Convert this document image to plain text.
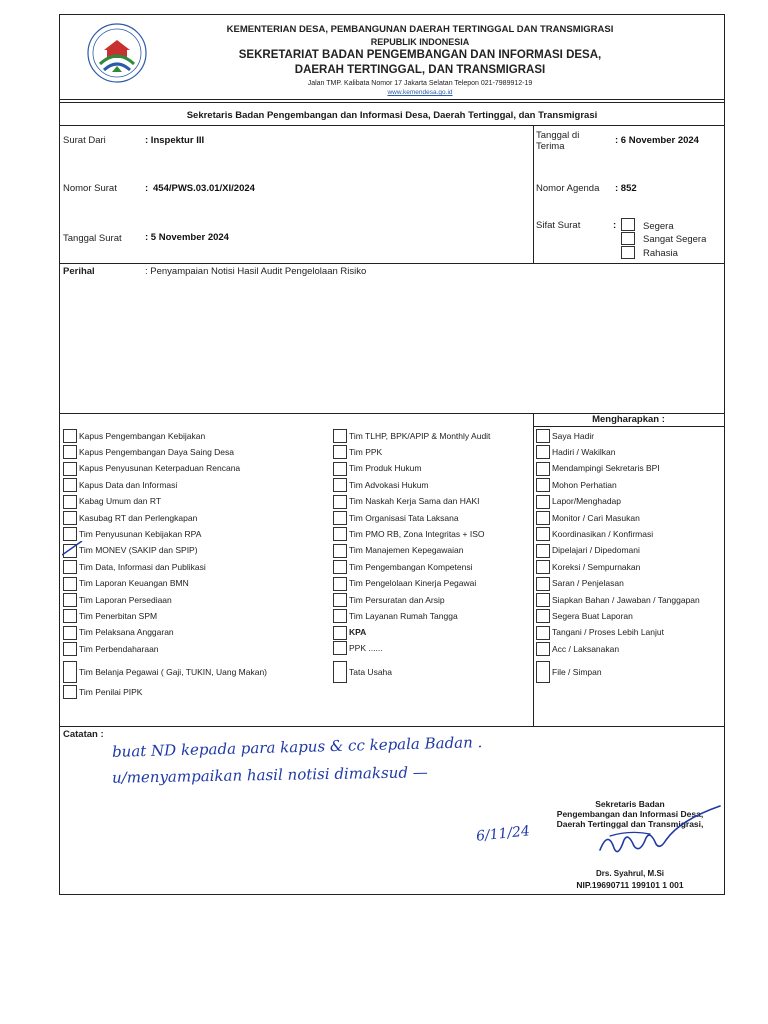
KEMENTERIAN DESA, PEMBANGUNAN DAERAH TERTINGGAL DAN TRANSMIGRASI
REPUBLIK INDONESIA
SEKRETARIAT BADAN PENGEMBANGAN DAN INFORMASI DESA,
DAERAH TERTINGGAL, DAN TRANSMIGRASI
Jalan TMP. Kalibata Nomor 17 Jakarta Selatan Telepon 021-7989912-19
www.kemendesa.go.id
Sekretaris Badan Pengembangan dan Informasi Desa, Daerah Tertinggal, dan Transmigrasi
Surat Dari	: Inspektur III
Nomor Surat	: 454/PWS.03.01/XI/2024
Tanggal Surat : 5 November 2024
Tanggal di
Terima
: 6 November 2024
Nomor Agenda : 852
Sifat Surat	:	Segera
Sangat Segera
Rahasia
Perihal	: Penyampaian Notisi Hasil Audit Pengelolaan Risiko
Mengharapkan :
Kapus Pengembangan Kebijakan
Kapus Pengembangan Daya Saing Desa
Kapus Penyusunan Keterpaduan Rencana
Kapus Data dan Informasi
Kabag Umum dan RT
Kasubag RT dan Perlengkapan
Tim Penyusunan Kebijakan RPA
Tim MONEV (SAKIP dan SPIP)
Tim Data, Informasi dan Publikasi
Tim Laporan Keuangan BMN
Tim Laporan Persediaan
Tim Penerbitan SPM
Tim Pelaksana Anggaran
Tim Perbendaharaan
Tim Belanja Pegawai ( Gaji, TUKIN, Uang Makan)
Tim Penilai PIPK
Tim TLHP, BPK/APIP & Monthly Audit
Tim PPK
Tim Produk Hukum
Tim Advokasi Hukum
Tim Naskah Kerja Sama dan HAKI
Tim Organisasi Tata Laksana
Tim PMO RB, Zona Integritas + ISO
Tim Manajemen Kepegawaian
Tim Pengembangan Kompetensi
Tim Pengelolaan Kinerja Pegawai
Tim Persuratan dan Arsip
Tim Layanan Rumah Tangga
KPA
PPK ......
Tata Usaha
Saya Hadir
Hadiri / Wakilkan
Mendampingi Sekretaris BPI
Mohon Perhatian
Lapor/Menghadap
Monitor / Cari Masukan
Koordinasikan / Konfirmasi
Dipelajari / Dipedomani
Koreksi / Sempurnakan
Saran / Penjelasan
Siapkan Bahan / Jawaban / Tanggapan
Segera Buat Laporan
Tangani / Proses Lebih Lanjut
Acc / Laksanakan
File / Simpan
Catatan : buat ND kepada para kapus & cc kepala Badan .
u/menyampaikan hasil notisi dimaksud —
6/11/24
Sekretaris Badan
Pengembangan dan Informasi Desa,
Daerah Tertinggal dan Transmigrasi,
Drs. Syahrul, M.Si
NIP.19690711 199101 1 001
